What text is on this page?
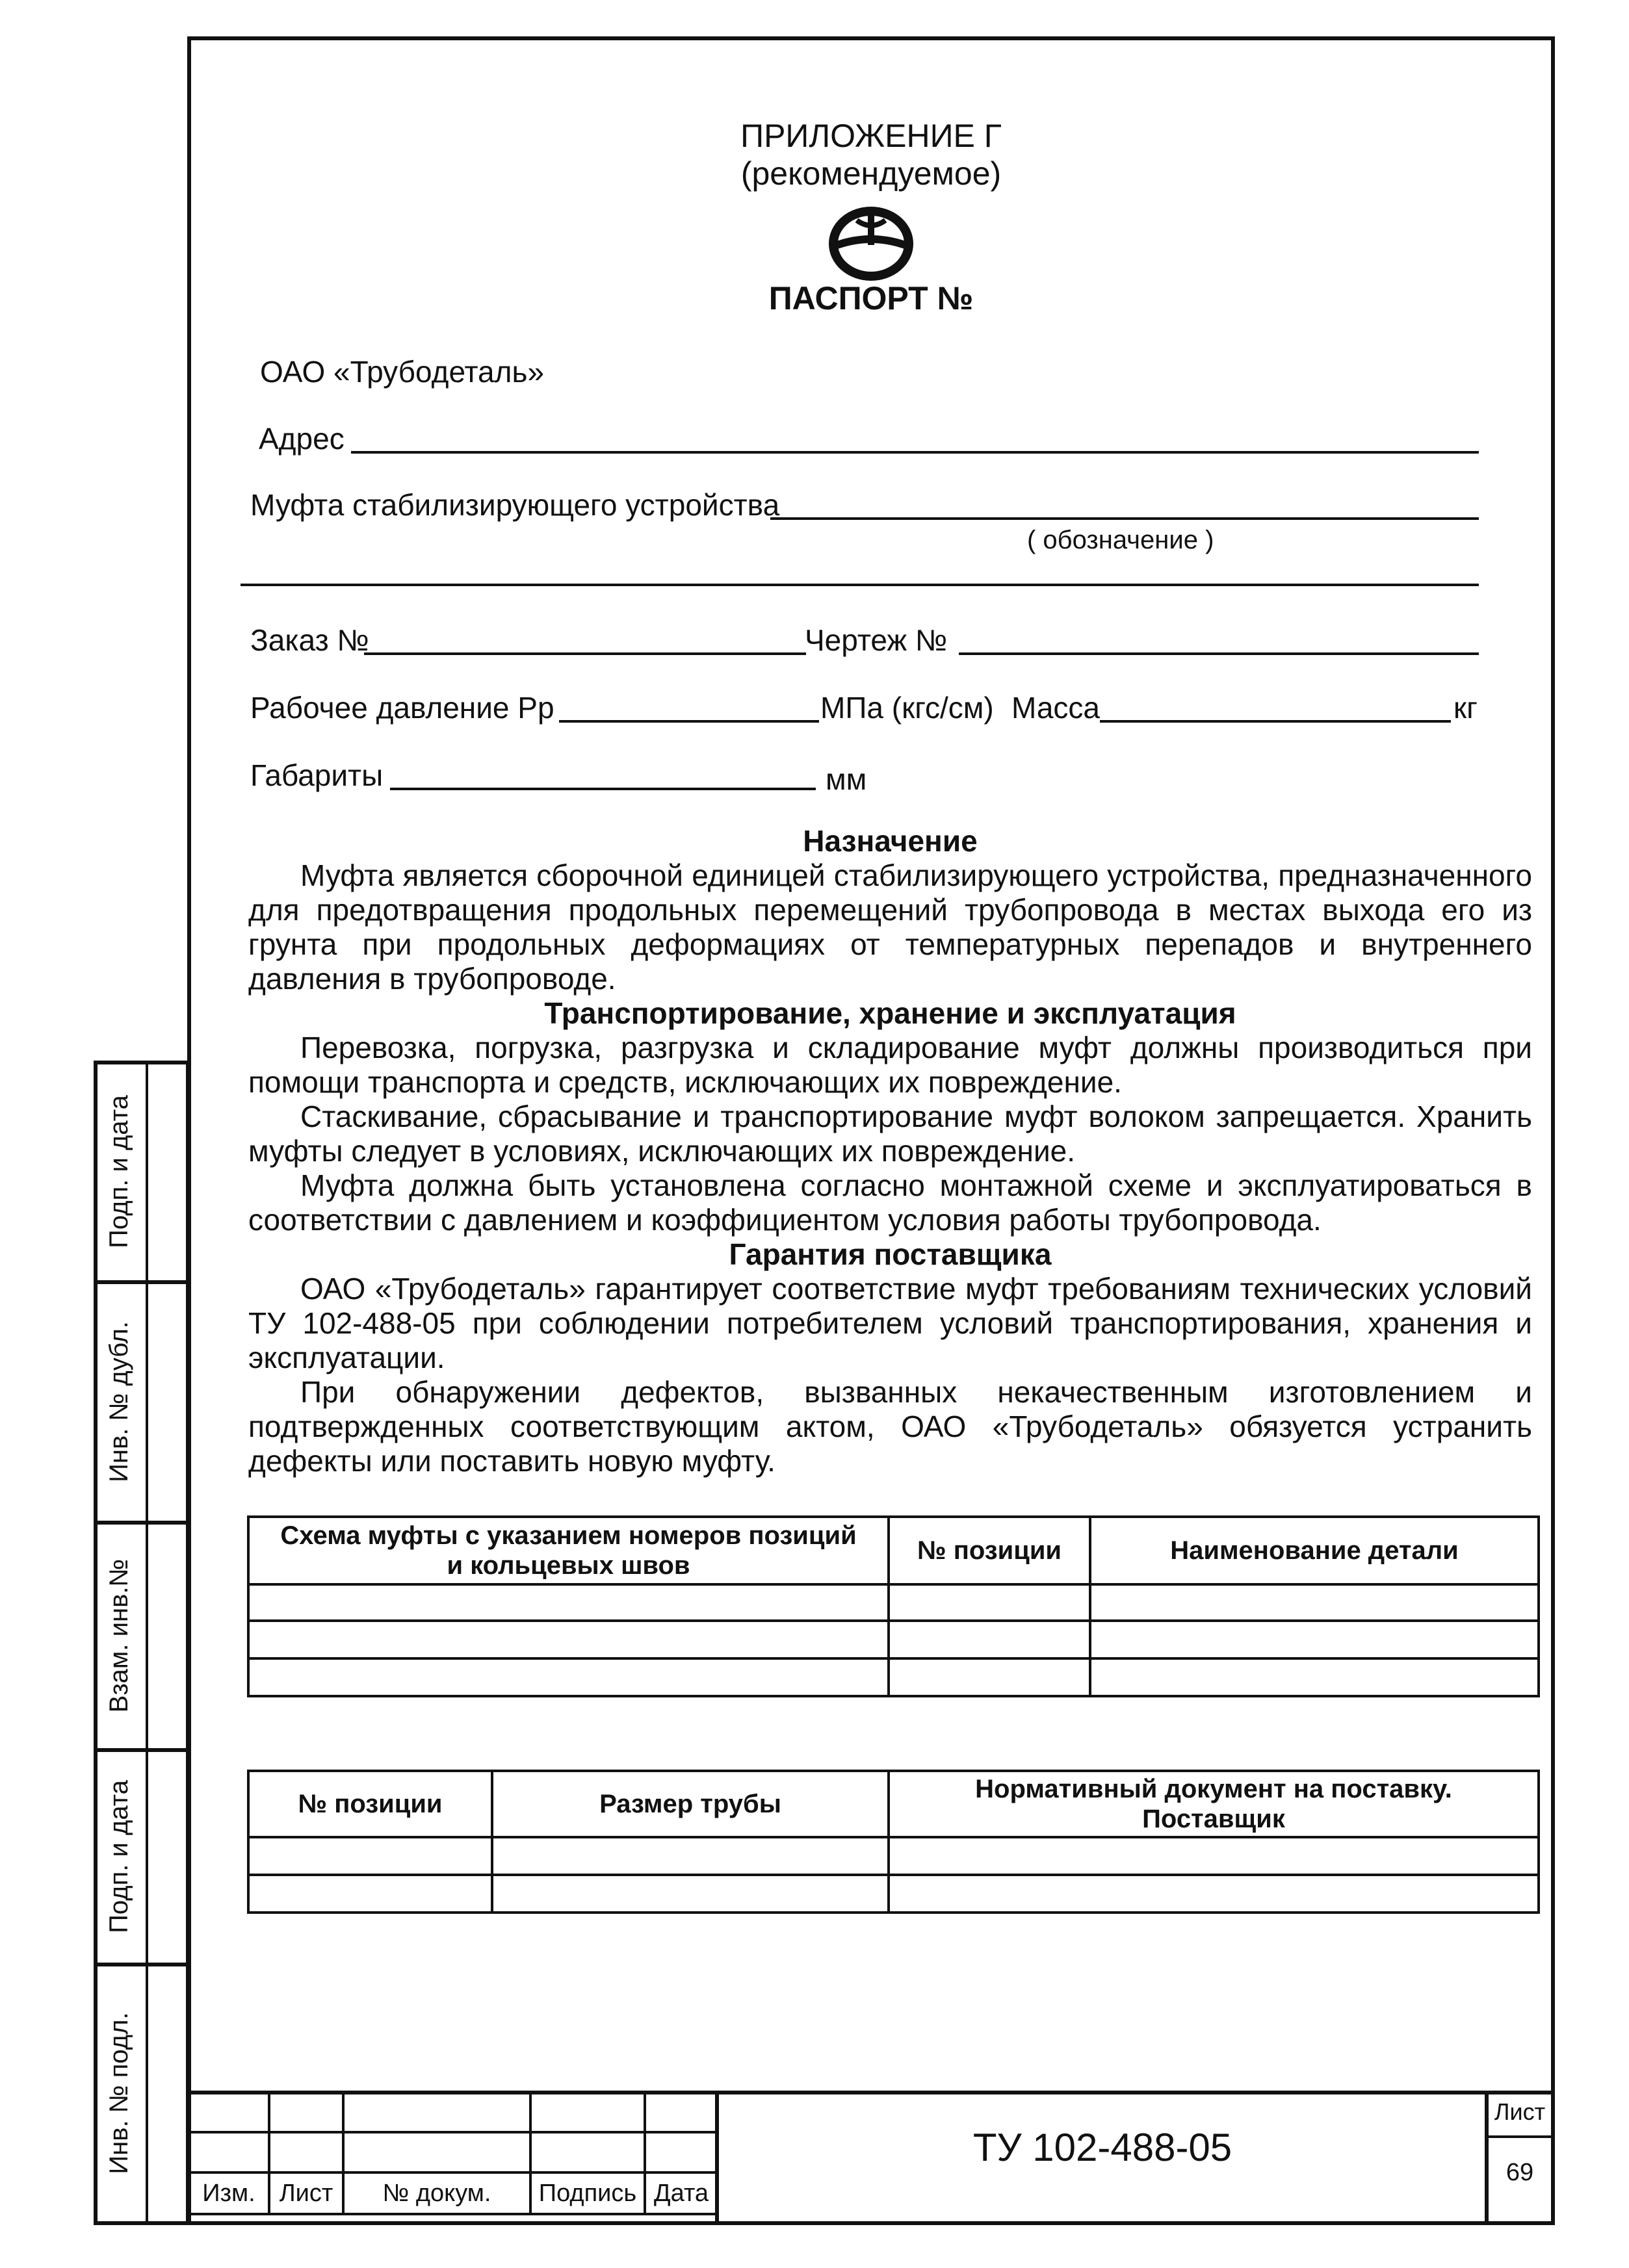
ПРИЛОЖЕНИЕ Г
(рекомендуемое)
ПАСПОРТ №
ОАО «Трубодеталь»
Адрес
Муфта стабилизирующего устройства
( обозначение )
Заказ №	Чертеж №
Рабочее давление Рр	МПа (кгс/см) Масса	кг
Габариты	мм
Назначение

Муфта является сборочной единицей стабилизирующего устройства, предназначенного для предотвращения продольных перемещений трубопровода в местах выхода его из грунта при продольных деформациях от температурных перепадов и внутреннего давления в трубопроводе.

Транспортирование, хранение и эксплуатация

Перевозка, погрузка, разгрузка и складирование муфт должны производиться при помощи транспорта и средств, исключающих их повреждение.

Стаскивание, сбрасывание и транспортирование муфт волоком запрещается. Хранить муфты следует в условиях, исключающих их повреждение.

Муфта должна быть установлена согласно монтажной схеме и эксплуатироваться в соответствии с давлением и коэффициентом условия работы трубопровода.

Гарантия поставщика

ОАО «Трубодеталь» гарантирует соответствие муфт требованиям технических условий ТУ 102-488-05 при соблюдении потребителем условий транспортирования, хранения и эксплуатации.

При обнаружении дефектов, вызванных некачественным изготовлением и подтвержденных соответствующим актом, ОАО «Трубодеталь» обязуется устранить дефекты или поставить новую муфту.

Схема муфты с указанием номеров позиций и кольцевых швов	№ позиции	Наименование детали

№ позиции	Размер трубы	Нормативный документ на поставку. Поставщик

Подп. и дата
Инв. № дубл.
Взам. инв.№
Подп. и дата
Инв. № подл.

Изм.	Лист	№ докум.	Подпись	Дата
ТУ 102-488-05
Лист
69
